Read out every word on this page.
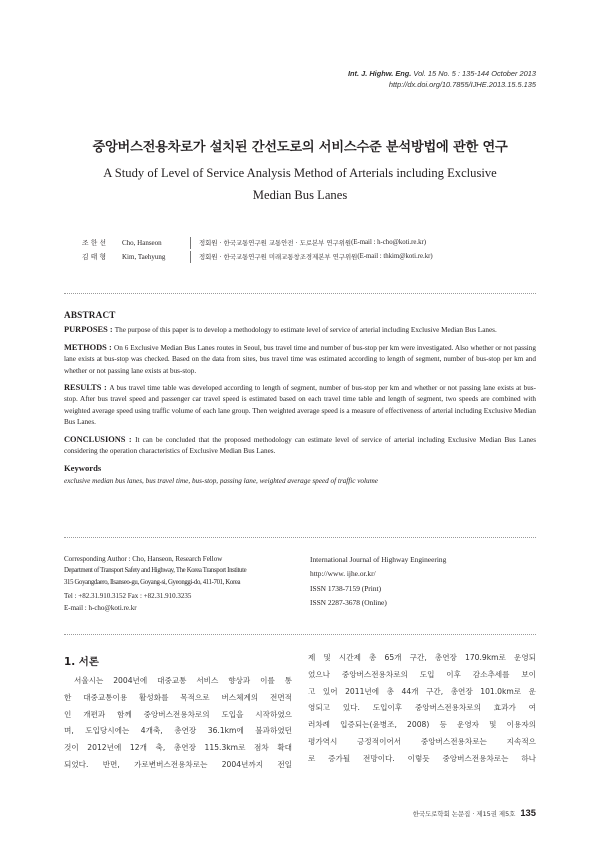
Int. J. Highw. Eng. Vol. 15 No. 5 : 135-144 October 2013
http://dx.doi.org/10.7855/IJHE.2013.15.5.135
중앙버스전용차로가 설치된 간선도로의 서비스수준 분석방법에 관한 연구
A Study of Level of Service Analysis Method of Arterials including Exclusive
Median Bus Lanes
조 한 선	Cho, Hanseon	정회원 · 한국교통연구원 교통안전 · 도로본부 연구위원 (E-mail : h-cho@koti.re.kr)
김 태 형	Kim, Taehyung	정회원 · 한국교통연구원 미래교통창조경제본부 연구위원 (E-mail : thkim@koti.re.kr)
ABSTRACT

PURPOSES : The purpose of this paper is to develop a methodology to estimate level of service of arterial including Exclusive Median Bus Lanes.

METHODS : On 6 Exclusive Median Bus Lanes routes in Seoul, bus travel time and number of bus-stop per km were investigated. Also whether or not passing lane exists at bus-stop was checked. Based on the data from sites, bus travel time was estimated according to length of segment, number of bus-stop per km and whether or not passing lane exists at bus-stop.

RESULTS : A bus travel time table was developed according to length of segment, number of bus-stop per km and whether or not passing lane exists at bus-stop. After bus travel speed and passenger car travel speed is estimated based on each travel time table and length of segment, two speeds are combined with weighted average speed using traffic volume of each lane group. Then weighted average speed is a measure of effectiveness of arterial including Exclusive Median Bus Lanes.

CONCLUSIONS : It can be concluded that the proposed methodology can estimate level of service of arterial including Exclusive Median Bus Lanes considering the operation characteristics of Exclusive Median Bus Lanes.

Keywords

exclusive median bus lanes, bus travel time, bus-stop, passing lane, weighted average speed of traffic volume

Corresponding Author : Cho, Hanseon, Research Fellow
Department of Transport Safety and Highway, The Korea Transport Institute
315 Goyangdaero, Ilsanseo-gu, Goyang-si, Gyeonggi-do, 411-701, Korea
Tel : +82.31.910.3152 Fax : +82.31.910.3235
E-mail : h-cho@koti.re.kr
International Journal of Highway Engineering
http://www. ijhe.or.kr/
ISSN 1738-7159 (Print)
ISSN 2287-3678 (Online)
1. 서론
서울시는 2004년에 대중교통 서비스 향상과 이를 통
한 대중교통이용 활성화를 목적으로 버스체계의 전면적
인 개편과 함께 중앙버스전용차로의 도입을 시작하였으
며, 도입당시에는 4개축, 총연장 36.1km에 불과하였던
것이 2012년에 12개 축, 총연장 115.3km로 점차 확대
되었다. 반면, 가로변버스전용차로는 2004년까지 전일
제 및 시간제 총 65개 구간, 총연장 170.9km로 운영되
었으나 중앙버스전용차로의 도입 이후 감소추세를 보이
고 있어 2011년에 총 44개 구간, 총연장 101.0km로 운
영되고 있다. 도입이후 중앙버스전용차로의 효과가 여
러차례 입증되는(윤병조, 2008) 등 운영자 및 이용자의
평가역시 긍정적이어서 중앙버스전용차로는 지속적으
로 증가될 전망이다. 이렇듯 중앙버스전용차로는 하나
한국도로학회 논문집 · 제15권 제5호 135
